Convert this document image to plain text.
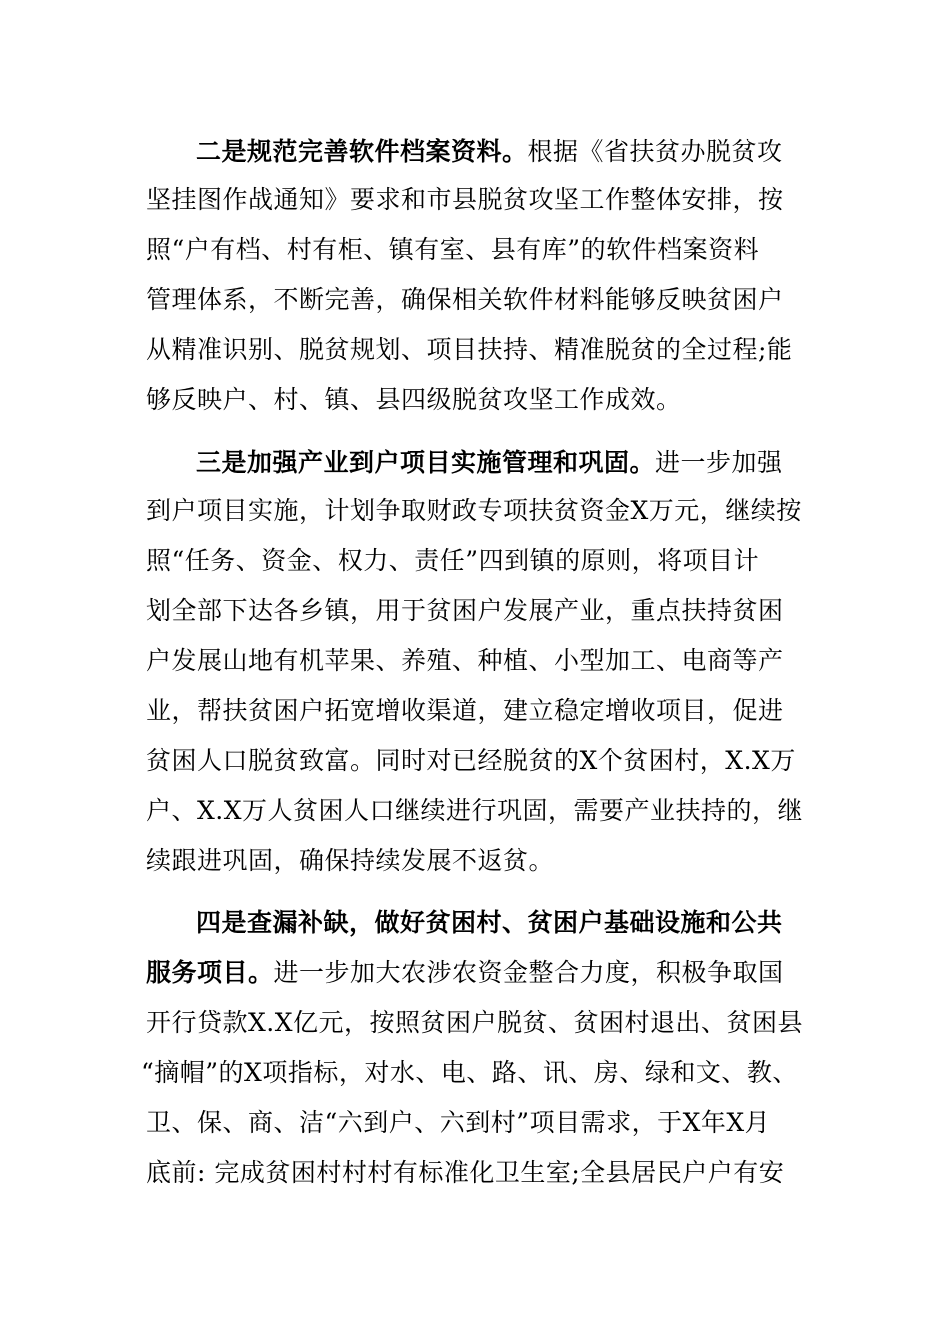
二是规范完善软件档案资料。根据《省扶贫办脱贫攻
坚挂图作战通知》要求和市县脱贫攻坚工作整体安排，按
照“户有档、村有柜、镇有室、县有库”的软件档案资料
管理体系，不断完善，确保相关软件材料能够反映贫困户
从精准识别、脱贫规划、项目扶持、精准脱贫的全过程;能
够反映户、村、镇、县四级脱贫攻坚工作成效。
三是加强产业到户项目实施管理和巩固。进一步加强
到户项目实施，计划争取财政专项扶贫资金X万元，继续按
照“任务、资金、权力、责任”四到镇的原则，将项目计
划全部下达各乡镇，用于贫困户发展产业，重点扶持贫困
户发展山地有机苹果、养殖、种植、小型加工、电商等产
业，帮扶贫困户拓宽增收渠道，建立稳定增收项目，促进
贫困人口脱贫致富。同时对已经脱贫的X个贫困村，X.X万
户、X.X万人贫困人口继续进行巩固，需要产业扶持的，继
续跟进巩固，确保持续发展不返贫。
四是查漏补缺，做好贫困村、贫困户基础设施和公共
服务项目。进一步加大农涉农资金整合力度，积极争取国
开行贷款X.X亿元，按照贫困户脱贫、贫困村退出、贫困县
“摘帽”的X项指标，对水、电、路、讯、房、绿和文、教、
卫、保、商、洁“六到户、六到村”项目需求，于X年X月
底前: 完成贫困村村村有标准化卫生室;全县居民户户有安
